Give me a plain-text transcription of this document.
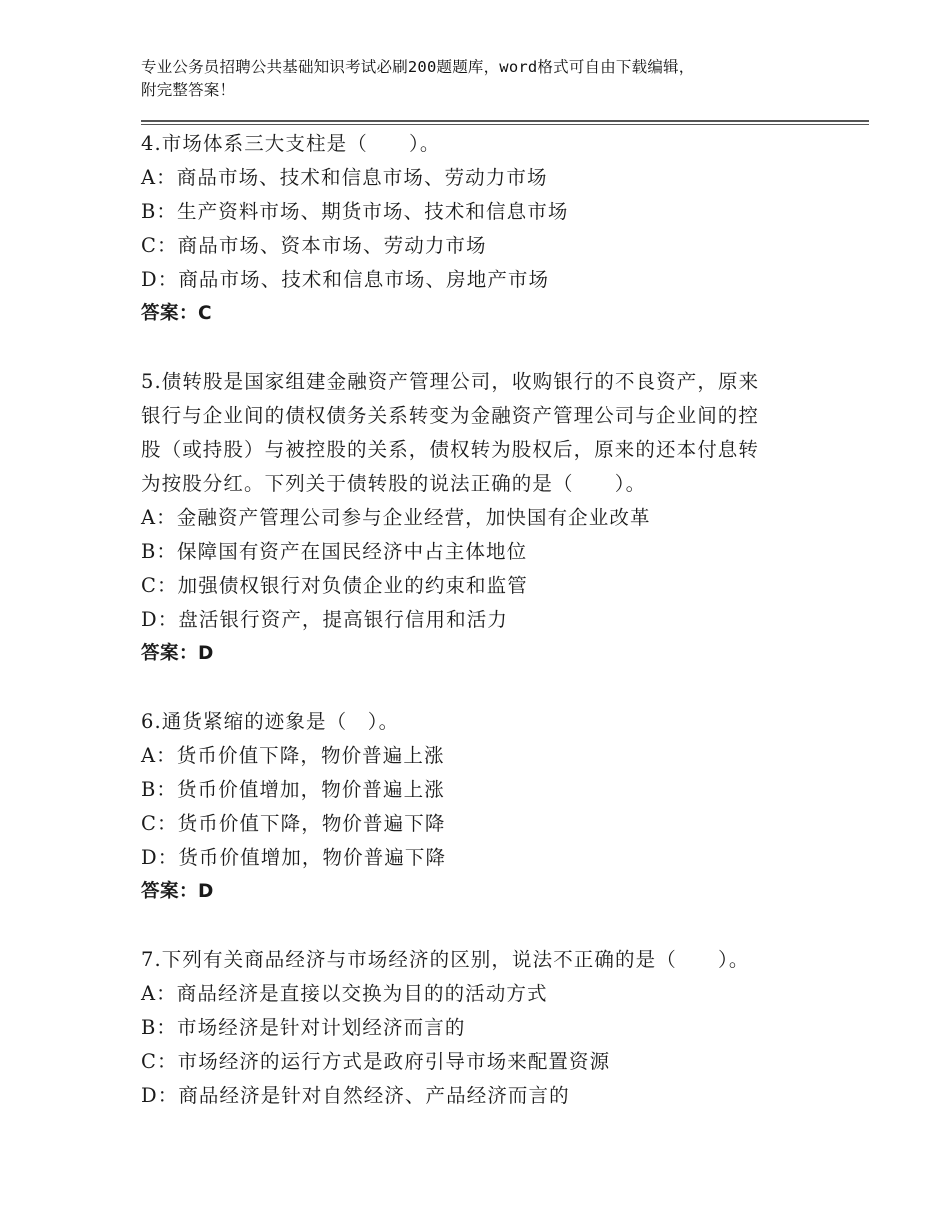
专业公务员招聘公共基础知识考试必刷200题题库，word格式可自由下载编辑，
附完整答案！
4.市场体系三大支柱是（　　）。
A：商品市场、技术和信息市场、劳动力市场
B：生产资料市场、期货市场、技术和信息市场
C：商品市场、资本市场、劳动力市场
D：商品市场、技术和信息市场、房地产市场
答案：C
5.债转股是国家组建金融资产管理公司，收购银行的不良资产，原来
银行与企业间的债权债务关系转变为金融资产管理公司与企业间的控
股（或持股）与被控股的关系，债权转为股权后，原来的还本付息转
为按股分红。下列关于债转股的说法正确的是（　　）。
A：金融资产管理公司参与企业经营，加快国有企业改革
B：保障国有资产在国民经济中占主体地位
C：加强债权银行对负债企业的约束和监管
D：盘活银行资产，提高银行信用和活力
答案：D
6.通货紧缩的迹象是（　）。
A：货币价值下降，物价普遍上涨
B：货币价值增加，物价普遍上涨
C：货币价值下降，物价普遍下降
D：货币价值增加，物价普遍下降
答案：D
7.下列有关商品经济与市场经济的区别，说法不正确的是（　　）。
A：商品经济是直接以交换为目的的活动方式
B：市场经济是针对计划经济而言的
C：市场经济的运行方式是政府引导市场来配置资源
D：商品经济是针对自然经济、产品经济而言的
